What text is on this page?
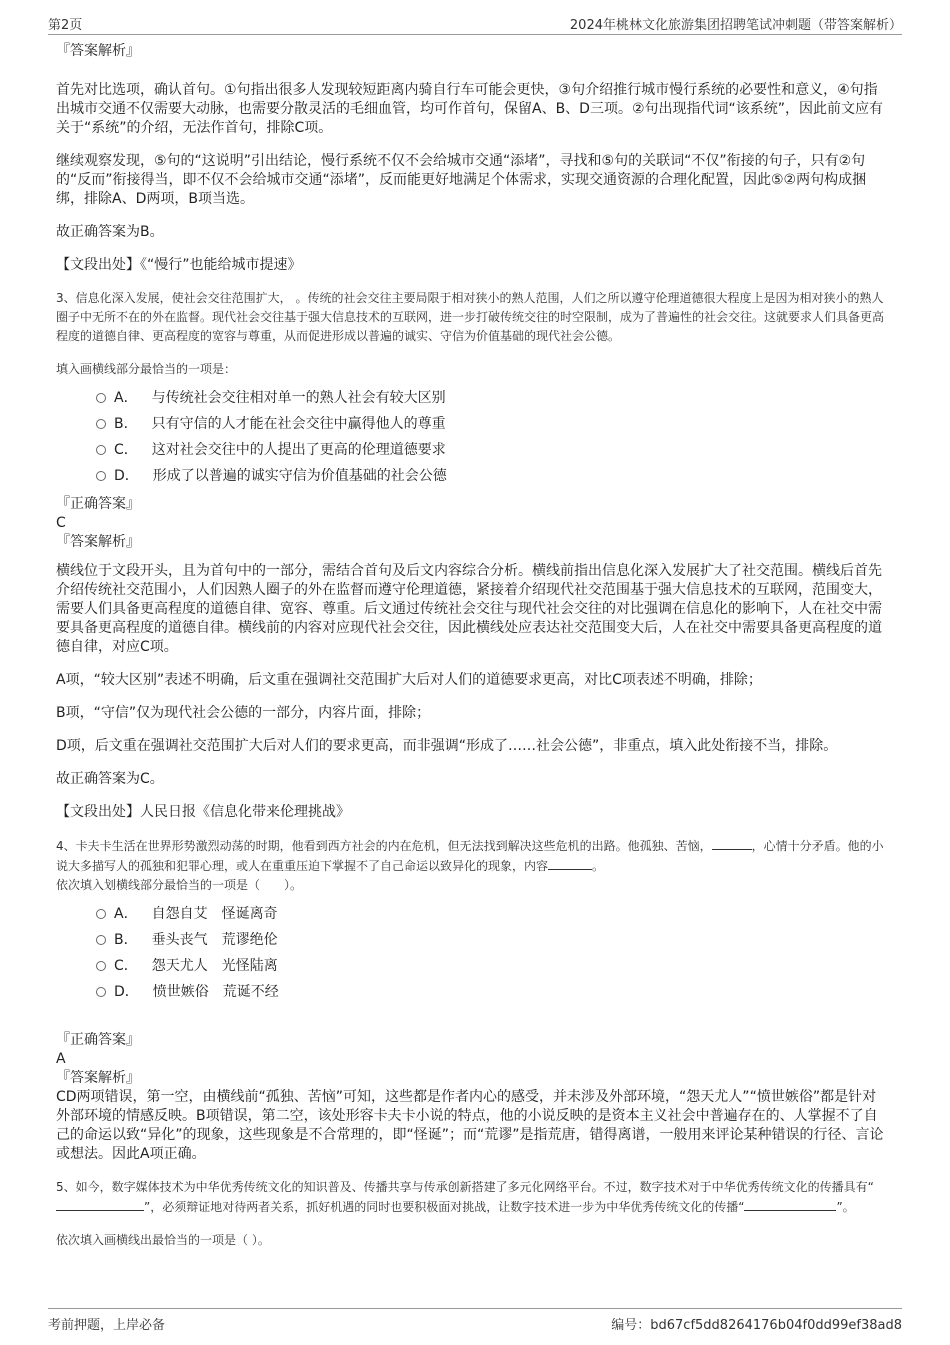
第2页	2024年桃林文化旅游集团招聘笔试冲刺题（带答案解析）

『答案解析』

首先对比选项，确认首句。①句指出很多人发现较短距离内骑自行车可能会更快，③句介绍推行城市慢行系统的必要性和意义，④句指出城市交通不仅需要大动脉，也需要分散灵活的毛细血管，均可作首句，保留A、B、D三项。②句出现指代词“该系统”，因此前文应有关于“系统”的介绍，无法作首句，排除C项。

继续观察发现，⑤句的“这说明”引出结论，慢行系统不仅不会给城市交通“添堵”，寻找和⑤句的关联词“不仅”衔接的句子，只有②句的“反而”衔接得当，即不仅不会给城市交通“添堵”，反而能更好地满足个体需求，实现交通资源的合理化配置，因此⑤②两句构成捆绑，排除A、D两项，B项当选。

故正确答案为B。

【文段出处】《“慢行”也能给城市提速》

3、信息化深入发展，使社会交往范围扩大， 。传统的社会交往主要局限于相对狭小的熟人范围，人们之所以遵守伦理道德很大程度上是因为相对狭小的熟人圈子中无所不在的外在监督。现代社会交往基于强大信息技术的互联网，进一步打破传统交往的时空限制，成为了普遍性的社会交往。这就要求人们具备更高程度的道德自律、更高程度的宽容与尊重，从而促进形成以普遍的诚实、守信为价值基础的现代社会公德。

填入画横线部分最恰当的一项是：

A． 与传统社会交往相对单一的熟人社会有较大区别
B． 只有守信的人才能在社会交往中赢得他人的尊重
C． 这对社会交往中的人提出了更高的伦理道德要求
D． 形成了以普遍的诚实守信为价值基础的社会公德

『正确答案』

C

『答案解析』

横线位于文段开头，且为首句中的一部分，需结合首句及后文内容综合分析。横线前指出信息化深入发展扩大了社交范围。横线后首先介绍传统社交范围小，人们因熟人圈子的外在监督而遵守伦理道德，紧接着介绍现代社交范围基于强大信息技术的互联网，范围变大，需要人们具备更高程度的道德自律、宽容、尊重。后文通过传统社会交往与现代社会交往的对比强调在信息化的影响下，人在社交中需要具备更高程度的道德自律。横线前的内容对应现代社会交往，因此横线处应表达社交范围变大后，人在社交中需要具备更高程度的道德自律，对应C项。

A项，“较大区别”表述不明确，后文重在强调社交范围扩大后对人们的道德要求更高，对比C项表述不明确，排除；

B项，“守信”仅为现代社会公德的一部分，内容片面，排除；

D项，后文重在强调社交范围扩大后对人们的要求更高，而非强调“形成了……社会公德”，非重点，填入此处衔接不当，排除。

故正确答案为C。

【文段出处】人民日报《信息化带来伦理挑战》

4、卡夫卡生活在世界形势激烈动荡的时期，他看到西方社会的内在危机，但无法找到解决这些危机的出路。他孤独、苦恼，	，心情十分矛盾。他的小说大多描写人的孤独和犯罪心理，或人在重重压迫下掌握不了自己命运以致异化的现象，内容	。

依次填入划横线部分最恰当的一项是（　　）。

A． 自怨自艾　怪诞离奇
B． 垂头丧气　荒谬绝伦
C． 怨天尤人　光怪陆离
D． 愤世嫉俗　荒诞不经

『正确答案』

A

『答案解析』

CD两项错误，第一空，由横线前“孤独、苦恼”可知，这些都是作者内心的感受，并未涉及外部环境，“怨天尤人”“愤世嫉俗”都是针对外部环境的情感反映。B项错误，第二空，该处形容卡夫卡小说的特点，他的小说反映的是资本主义社会中普遍存在的、人掌握不了自己的命运以致“异化”的现象，这些现象是不合常理的，即“怪诞”；而“荒谬”是指荒唐，错得离谱，一般用来评论某种错误的行径、言论或想法。因此A项正确。

5、如今，数字媒体技术为中华优秀传统文化的知识普及、传播共享与传承创新搭建了多元化网络平台。不过，数字技术对于中华优秀传统文化的传播具有“”，必须辩证地对待两者关系，抓好机遇的同时也要积极面对挑战，让数字技术进一步为中华优秀传统文化的传播“	”。

依次填入画横线出最恰当的一项是（ ）。

考前押题，上岸必备	编号：bd67cf5dd8264176b04f0dd99ef38ad8
